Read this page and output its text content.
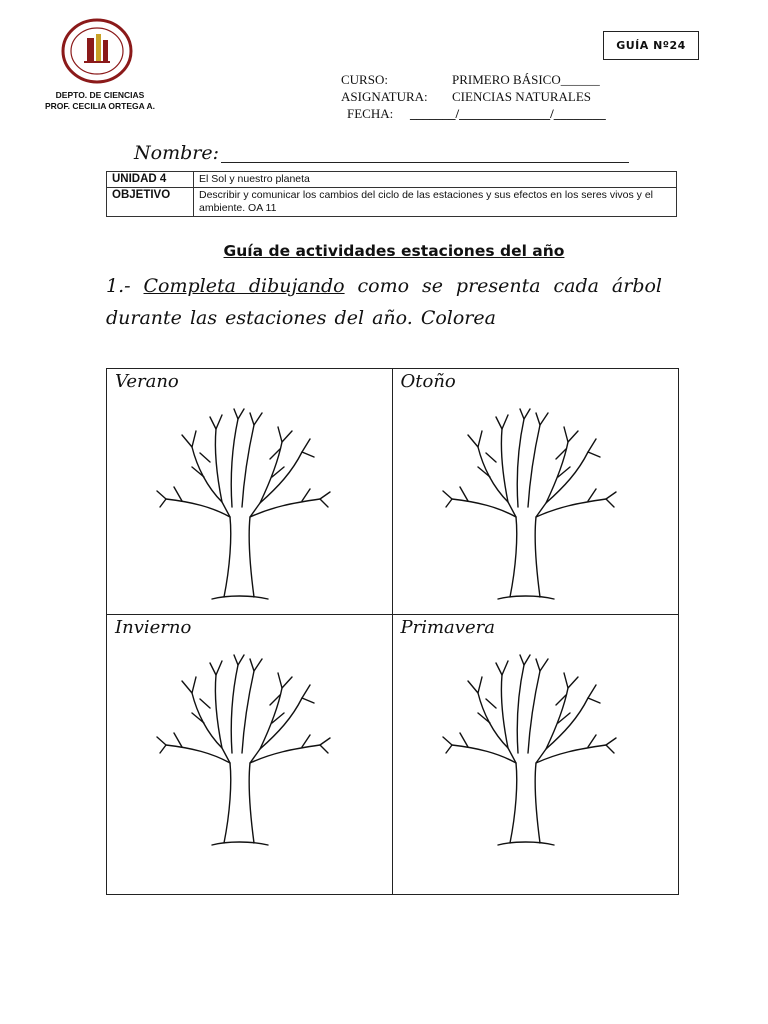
DEPTO. DE CIENCIAS
PROF. CECILIA ORTEGA A.
GUÍA Nº24
CURSO:	PRIMERO BÁSICO______
ASIGNATURA: CIENCIAS NATURALES
FECHA: _______/______________/________
Nombre:
UNIDAD 4	El Sol y nuestro planeta
OBJETIVO	Describir y comunicar los cambios del ciclo de las estaciones y sus efectos en los seres vivos y el ambiente. OA 11
Guía de actividades estaciones del año
1.- Completa dibujando como se presenta cada árbol durante las estaciones del año. Colorea
Verano	Otoño
Invierno	Primavera
